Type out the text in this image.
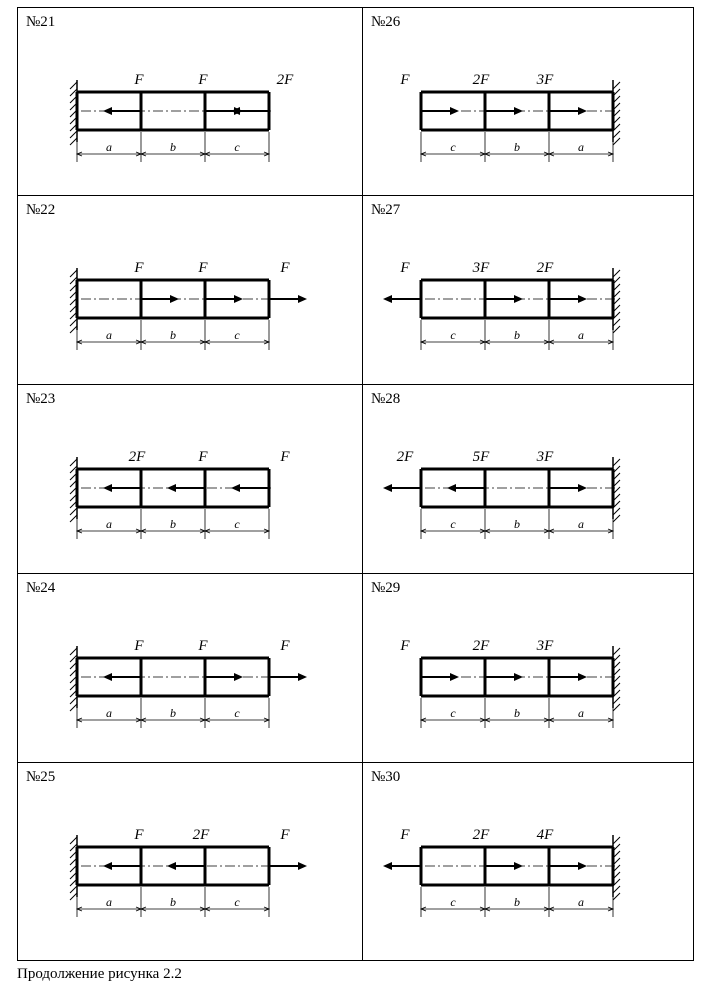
№21
F	F	2F
a	b	c
№26
F	2F	3F
c	b	a
№22
F	F	F
a	b	c
№27
F	3F	2F
c	b	a
№23
2F	F	F
a	b	c
№28
2F	5F	3F
c	b	a
№24
F	F	F
a	b	c
№29
F	2F	3F
c	b	a
№25
F	2F	F
a	b	c
№30
F	2F	4F
c	b	a
Продолжение рисунка 2.2
